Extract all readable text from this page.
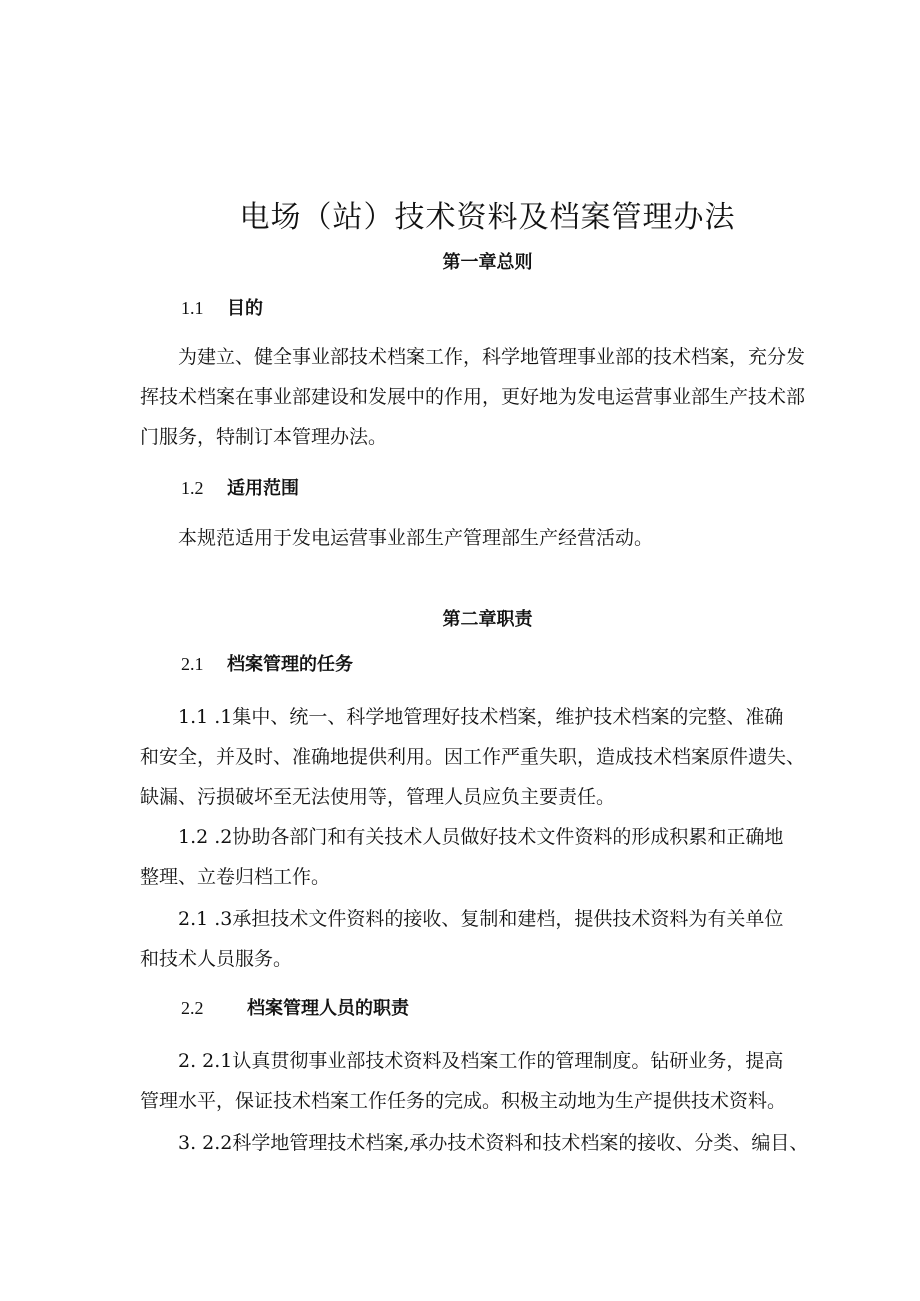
电场（站）技术资料及档案管理办法
第一章总则
1.1 目的
为建立、健全事业部技术档案工作，科学地管理事业部的技术档案，充分发
挥技术档案在事业部建设和发展中的作用，更好地为发电运营事业部生产技术部
门服务，特制订本管理办法。
1.2 适用范围
本规范适用于发电运营事业部生产管理部生产经营活动。
第二章职责
2.1 档案管理的任务
1.1 .1集中、统一、科学地管理好技术档案，维护技术档案的完整、准确
和安全，并及时、准确地提供利用。因工作严重失职，造成技术档案原件遗失、
缺漏、污损破坏至无法使用等，管理人员应负主要责任。
1.2 .2协助各部门和有关技术人员做好技术文件资料的形成积累和正确地
整理、立卷归档工作。
2.1 .3承担技术文件资料的接收、复制和建档，提供技术资料为有关单位
和技术人员服务。
2.2 档案管理人员的职责
2. 2.1认真贯彻事业部技术资料及档案工作的管理制度。钻研业务，提高
管理水平，保证技术档案工作任务的完成。积极主动地为生产提供技术资料。
3. 2.2科学地管理技术档案,承办技术资料和技术档案的接收、分类、编目、
